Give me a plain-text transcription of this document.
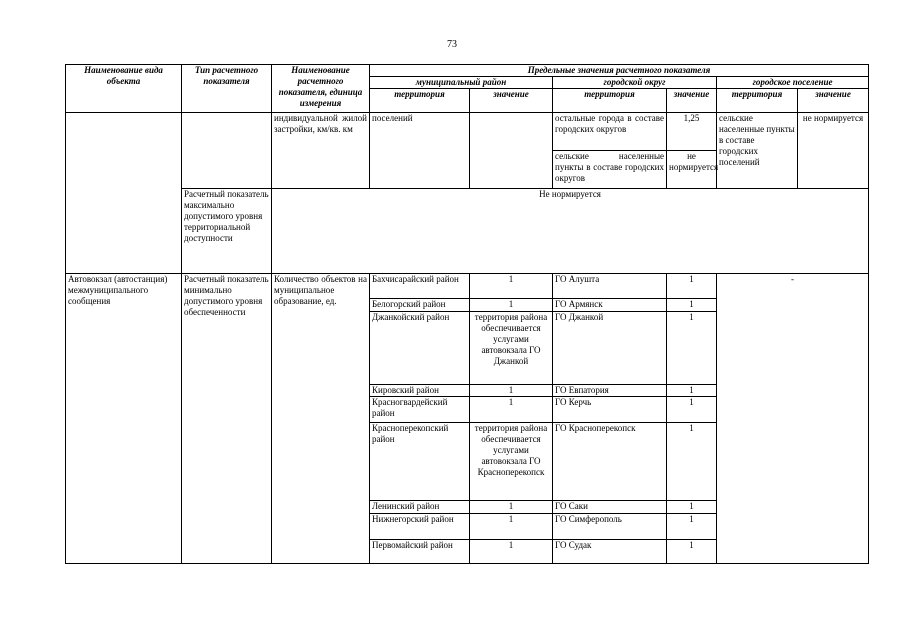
73
Наименование вида объекта	Тип расчетного показателя	Наименование расчетного показателя, единица измерения	Предельные значения расчетного показателя					
			муниципальный район		городской округ		городское поселение	
			территория	значение	территория	значение	территория	значение
		индивидуальной жилой застройки, км/кв. км	поселений		остальные города в составе городских округов	1,25	сельские населенные пункты в составе городских поселений	не нормируется
					сельские населенные пункты в составе городских округов	не нормируется		
	Расчетный показатель максимально допустимого уровня территориальной доступности	Не нормируется						
Автовокзал (автостанция) межмуниципального сообщения	Расчетный показатель минимально допустимого уровня обеспеченности	Количество объектов на муниципальное образование, ед.	Бахчисарайский район	1	ГО Алушта	1	-	
			Белогорский район	1	ГО Армянск	1		
			Джанкойский район	территория района обеспечивается услугами автовокзала ГО Джанкой	ГО Джанкой	1		
			Кировский район	1	ГО Евпатория	1		
			Красногвардейский район	1	ГО Керчь	1		
			Красноперекопский район	территория района обеспечивается услугами автовокзала ГО Красноперекопск	ГО Красноперекопск	1		
			Ленинский район	1	ГО Саки	1		
			Нижнегорский район	1	ГО Симферополь	1		
			Первомайский район	1	ГО Судак	1		
